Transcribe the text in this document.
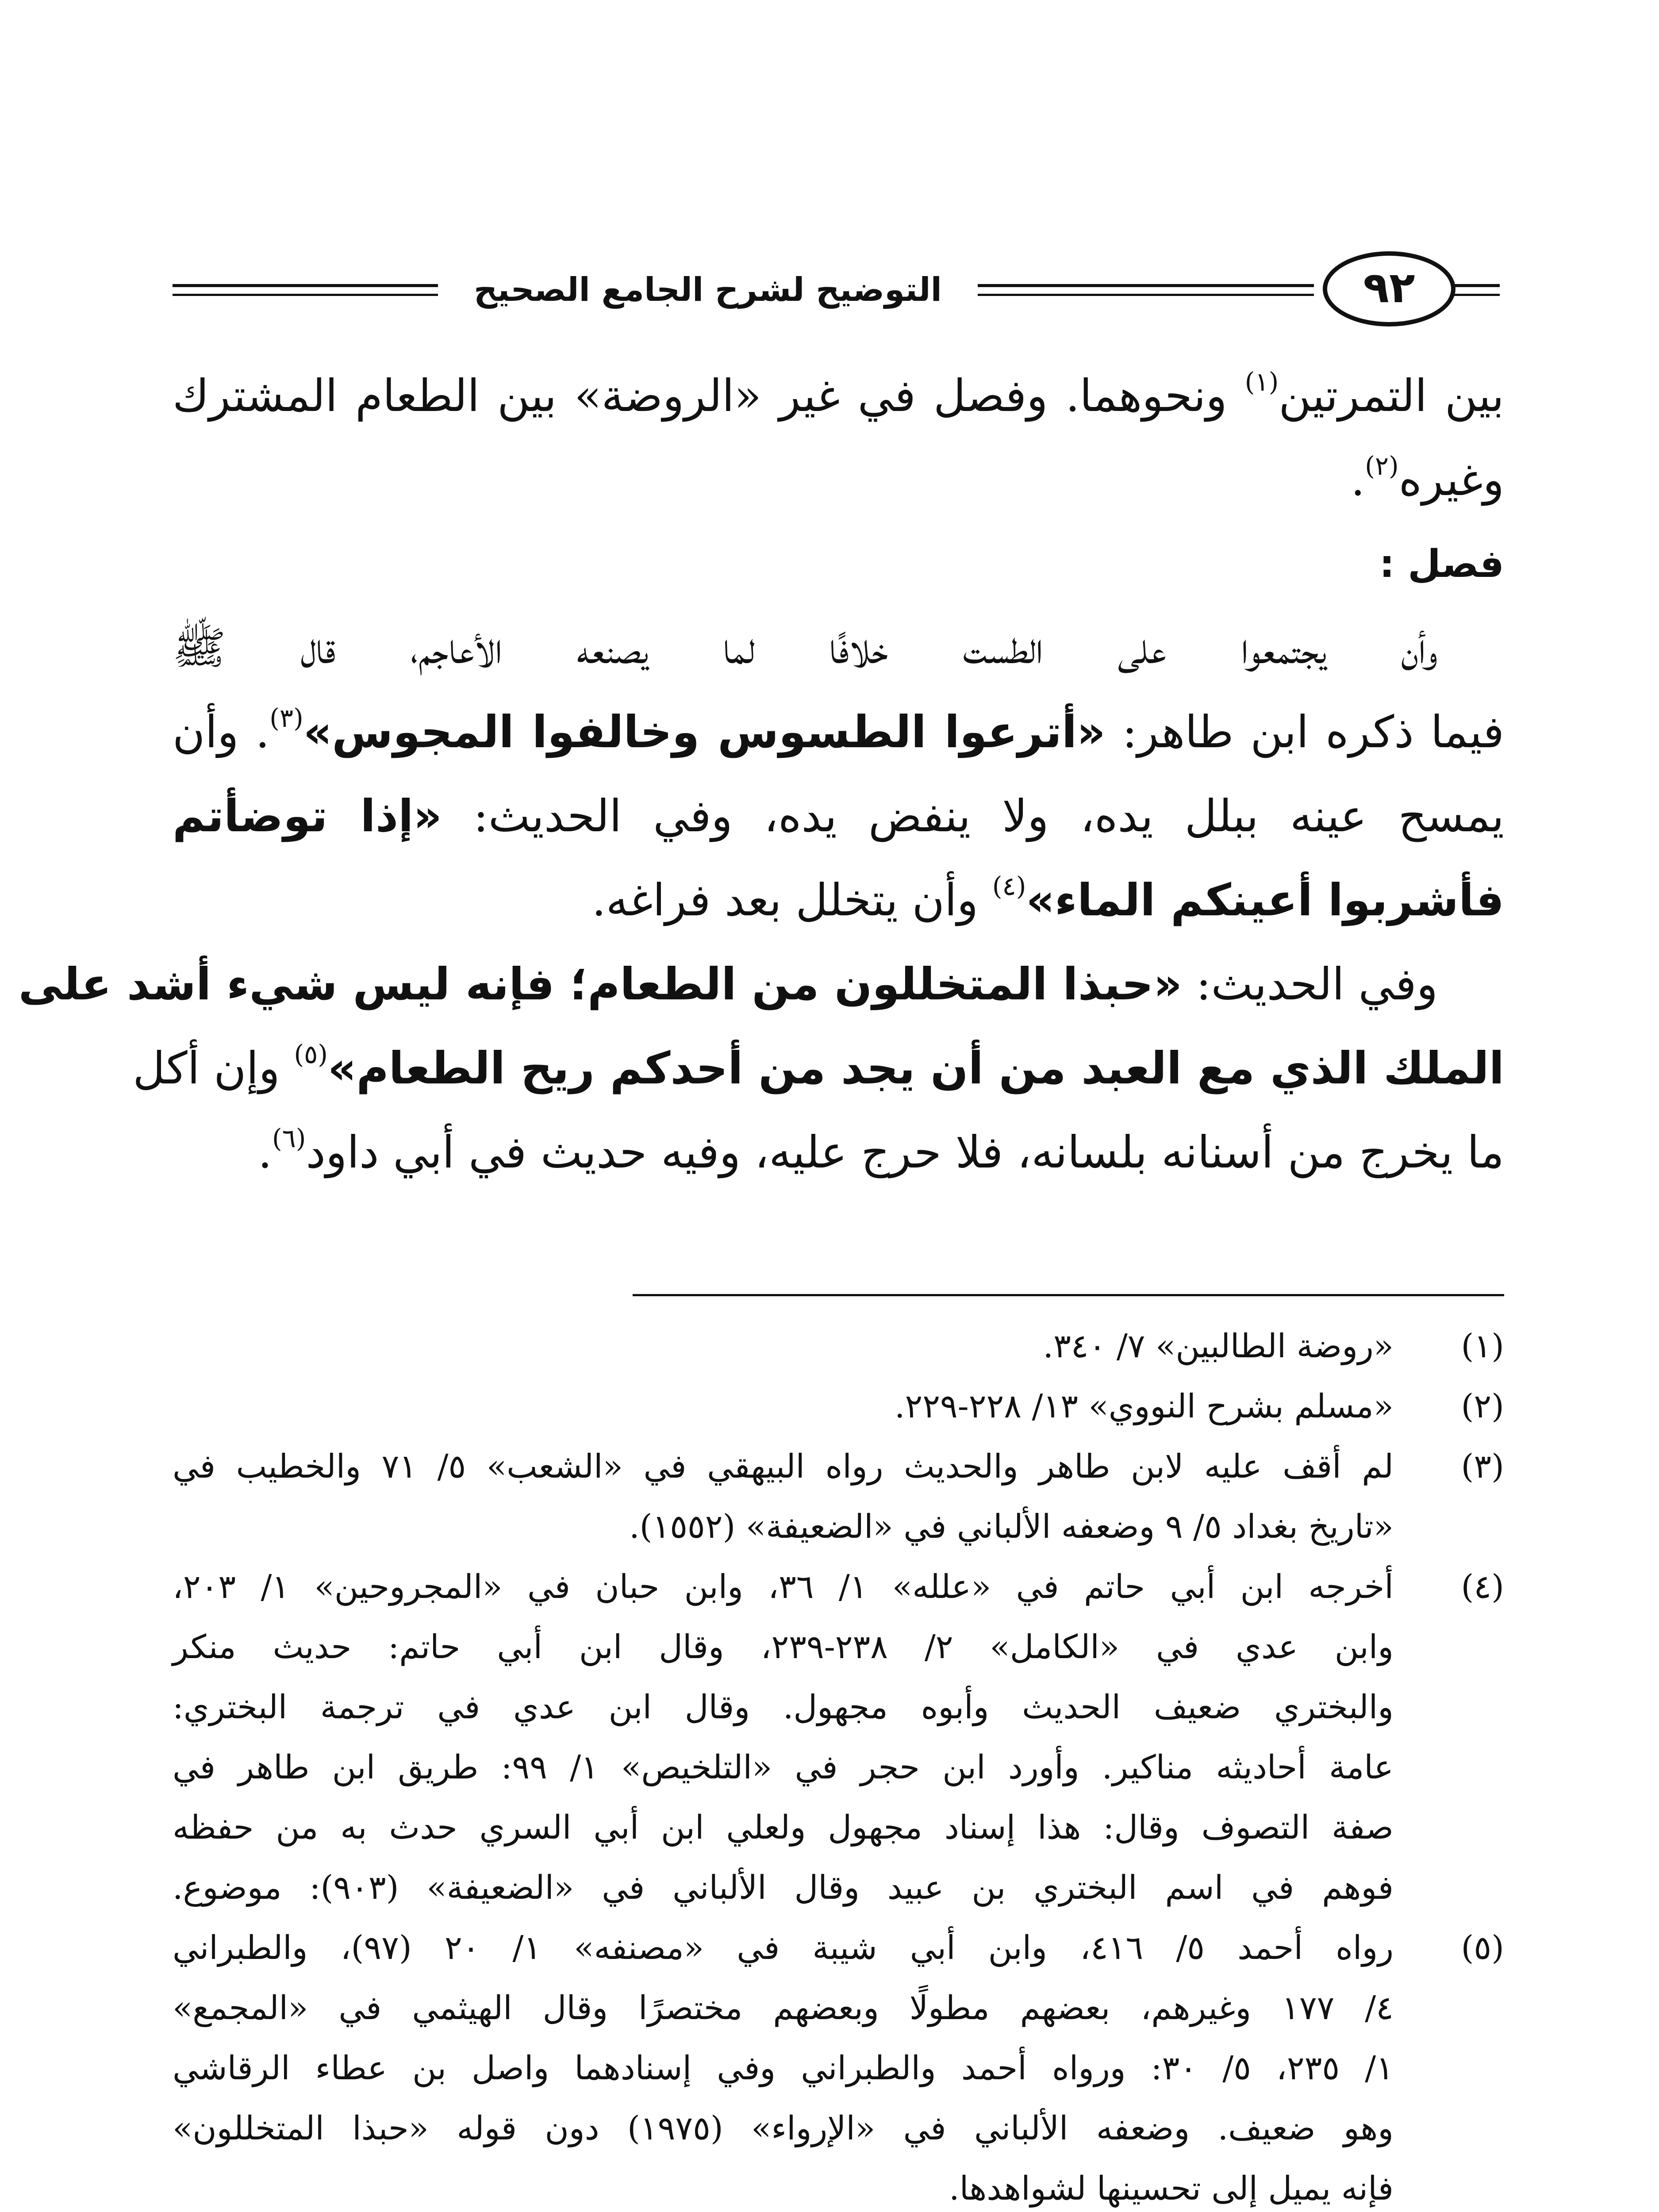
التوضيح لشرح الجامع الصحيح	٩٢
بين التمرتين$^{(١)}$ ونحوهما. وفصل في غير «الروضة» بين الطعام المشترك
وغيره$^{(٢)}$.
فصل :
وأن يجتمعوا على الطست خلافًا لما يصنعه الأعاجم، قال ﷺ
فيما ذكره ابن طاهر: «أترعوا الطسوس وخالفوا المجوس»$^{(٣)}$. وأن
يمسح عينه ببلل يده، ولا ينفض يده، وفي الحديث: «إذا توضأتم
فأشربوا أعينكم الماء»$^{(٤)}$ وأن يتخلل بعد فراغه.
وفي الحديث: «حبذا المتخللون من الطعام؛ فإنه ليس شيء أشد على
الملك الذي مع العبد من أن يجد من أحدكم ريح الطعام»$^{(٥)}$ وإن أكل
ما يخرج من أسنانه بلسانه، فلا حرج عليه، وفيه حديث في أبي داود$^{(٦)}$.
(١)
«روضة الطالبين» ٧/ ٣٤٠.
(٢)
«مسلم بشرح النووي» ١٣/ ٢٢٨-٢٢٩.
(٣)
لم أقف عليه لابن طاهر والحديث رواه البيهقي في «الشعب» ٥/ ٧١ والخطيب في
«تاريخ بغداد ٥/ ٩ وضعفه الألباني في «الضعيفة» (١٥٥٢).
(٤)
أخرجه ابن أبي حاتم في «علله» ١/ ٣٦، وابن حبان في «المجروحين» ١/ ٢٠٣،
وابن عدي في «الكامل» ٢/ ٢٣٨-٢٣٩، وقال ابن أبي حاتم: حديث منكر
والبختري ضعيف الحديث وأبوه مجهول. وقال ابن عدي في ترجمة البختري:
عامة أحاديثه مناكير. وأورد ابن حجر في «التلخيص» ١/ ٩٩: طريق ابن طاهر في
صفة التصوف وقال: هذا إسناد مجهول ولعلي ابن أبي السري حدث به من حفظه
فوهم في اسم البختري بن عبيد وقال الألباني في «الضعيفة» (٩٠٣): موضوع.
(٥)
رواه أحمد ٥/ ٤١٦، وابن أبي شيبة في «مصنفه» ١/ ٢٠ (٩٧)، والطبراني
٤/ ١٧٧ وغيرهم، بعضهم مطولًا وبعضهم مختصرًا وقال الهيثمي في «المجمع»
١/ ٢٣٥، ٥/ ٣٠: ورواه أحمد والطبراني وفي إسنادهما واصل بن عطاء الرقاشي
وهو ضعيف. وضعفه الألباني في «الإرواء» (١٩٧٥) دون قوله «حبذا المتخللون»
فإنه يميل إلى تحسينها لشواهدها.
